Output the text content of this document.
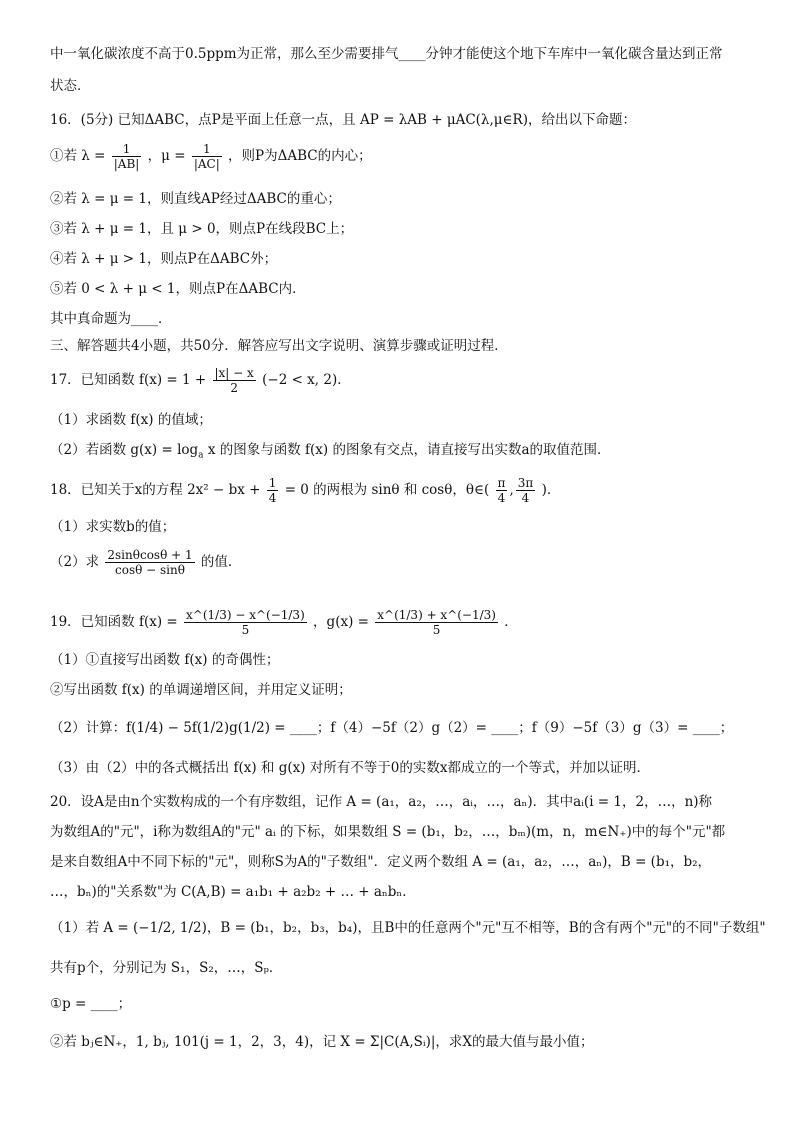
中一氧化碳浓度不高于0.5ppm为正常，那么至少需要排气____分钟才能使这个地下车库中一氧化碳含量达到正常
状态．
16．(5分) 已知ΔABC，点P是平面上任意一点，且 AP = λAB + μAC(λ,μ∈R)，给出以下命题：
①若 $\lambda = \frac{1}{|AB|}$ ，$\mu = \frac{1}{|AC|}$ ，则P为ΔABC的内心；
②若 λ = μ = 1，则直线AP经过ΔABC的重心；
③若 λ + μ = 1，且 μ > 0，则点P在线段BC上；
④若 λ + μ > 1，则点P在ΔABC外；
⑤若 0 < λ + μ < 1，则点P在ΔABC内．
其中真命题为____．
三、解答题共4小题，共50分．解答应写出文字说明、演算步骤或证明过程．
17．已知函数 $f(x) = 1 + \frac{|x| - x}{2} (-2 < x$, 2)．
（1）求函数 f(x) 的值域；
（2）若函数 $g(x) = \log_a x$ 的图象与函数 f(x) 的图象有交点，请直接写出实数a的取值范围．
18．已知关于x的方程 2x² − bx + $\frac{1}{4} = 0$ 的两根为 sinθ 和 cosθ，θ∈( $\frac{\pi}{4}$ , $\frac{3\pi}{4}$ )．
（1）求实数b的值；
（2）求 $\frac{2\sin\theta\cos\theta + 1}{\cos\theta - \sin\theta}$ 的值．
19．已知函数 $f(x) = \frac{x\^{}(1/3) - x\^{}(-1/3)}{5}$ ，$g(x) = \frac{x\^{}(1/3) + x\^{}(-1/3)}{5}$ ．
（1）①直接写出函数 f(x) 的奇偶性；
②写出函数 f(x) 的单调递增区间，并用定义证明；
（2）计算：f(1/4) − 5f(1/2)g(1/2) = ____；f（4）−5f（2）g（2）= ____；f（9）−5f（3）g（3）= ____；
（3）由（2）中的各式概括出 f(x) 和 g(x) 对所有不等于0的实数x都成立的一个等式，并加以证明．
20．设A是由n个实数构成的一个有序数组，记作 A = (a₁，a₂，…，aᵢ，…，aₙ)．其中aᵢ(i = 1，2，…，n)称
为数组A的"元"，i称为数组A的"元" aᵢ 的下标，如果数组 S = (b₁，b₂，…，bₘ)(m，n，m∈N₊)中的每个"元"都
是来自数组A中不同下标的"元"，则称S为A的"子数组"．定义两个数组 A = (a₁，a₂，…，aₙ)，B = (b₁，b₂，
…，bₙ)的"关系数"为 C(A,B) = a₁b₁ + a₂b₂ + … + aₙbₙ．
（1）若 A = (−1/2, 1/2)，B = (b₁，b₂，b₃，b₄)，且B中的任意两个"元"互不相等，B的含有两个"元"的不同"子数组"
共有p个，分别记为 S₁，S₂，…，Sₚ．
①p = ____；
②若 bⱼ∈N₊，1, bⱼ, 101(j = 1，2，3，4)，记 X = Σ|C(A,Sᵢ)|，求X的最大值与最小值；
